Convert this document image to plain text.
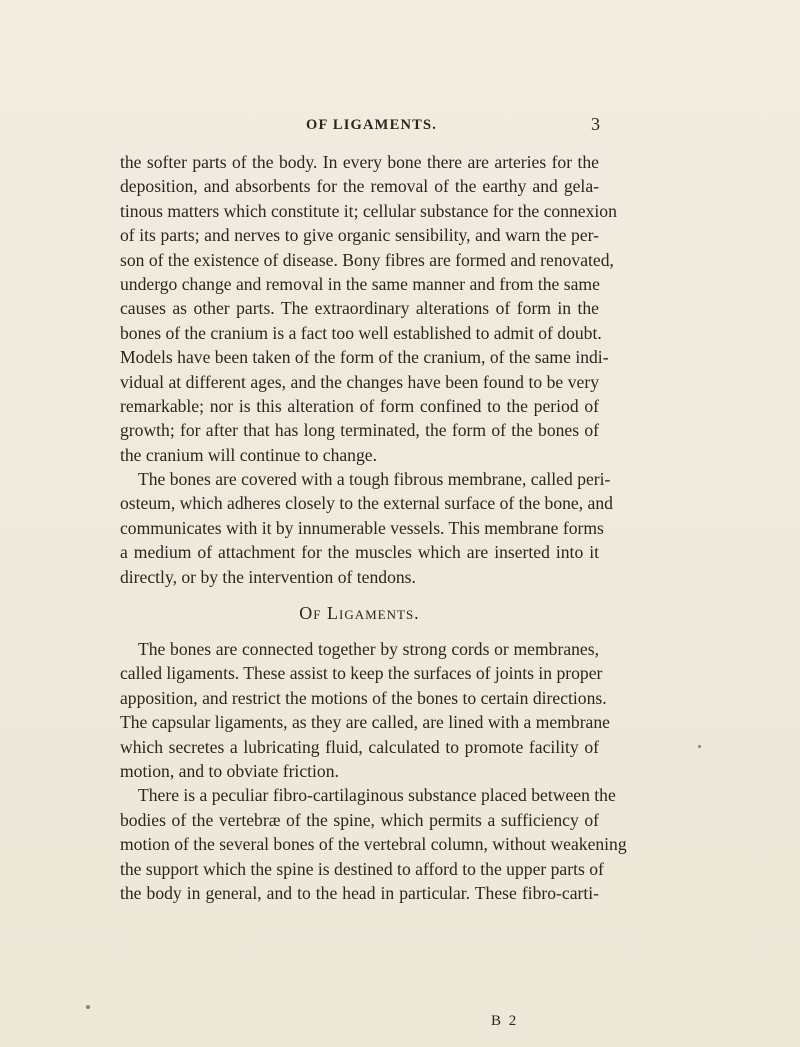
OF LIGAMENTS.	3
the softer parts of the body. In every bone there are arteries for the
deposition, and absorbents for the removal of the earthy and gela-
tinous matters which constitute it; cellular substance for the connexion
of its parts; and nerves to give organic sensibility, and warn the per-
son of the existence of disease. Bony fibres are formed and renovated,
undergo change and removal in the same manner and from the same
causes as other parts. The extraordinary alterations of form in the
bones of the cranium is a fact too well established to admit of doubt.
Models have been taken of the form of the cranium, of the same indi-
vidual at different ages, and the changes have been found to be very
remarkable; nor is this alteration of form confined to the period of
growth; for after that has long terminated, the form of the bones of
the cranium will continue to change.
The bones are covered with a tough fibrous membrane, called peri-
osteum, which adheres closely to the external surface of the bone, and
communicates with it by innumerable vessels. This membrane forms
a medium of attachment for the muscles which are inserted into it
directly, or by the intervention of tendons.
Of Ligaments.
The bones are connected together by strong cords or membranes,
called ligaments. These assist to keep the surfaces of joints in proper
apposition, and restrict the motions of the bones to certain directions.
The capsular ligaments, as they are called, are lined with a membrane
which secretes a lubricating fluid, calculated to promote facility of
motion, and to obviate friction.
There is a peculiar fibro-cartilaginous substance placed between the
bodies of the vertebræ of the spine, which permits a sufficiency of
motion of the several bones of the vertebral column, without weakening
the support which the spine is destined to afford to the upper parts of
the body in general, and to the head in particular. These fibro-carti-
B 2
